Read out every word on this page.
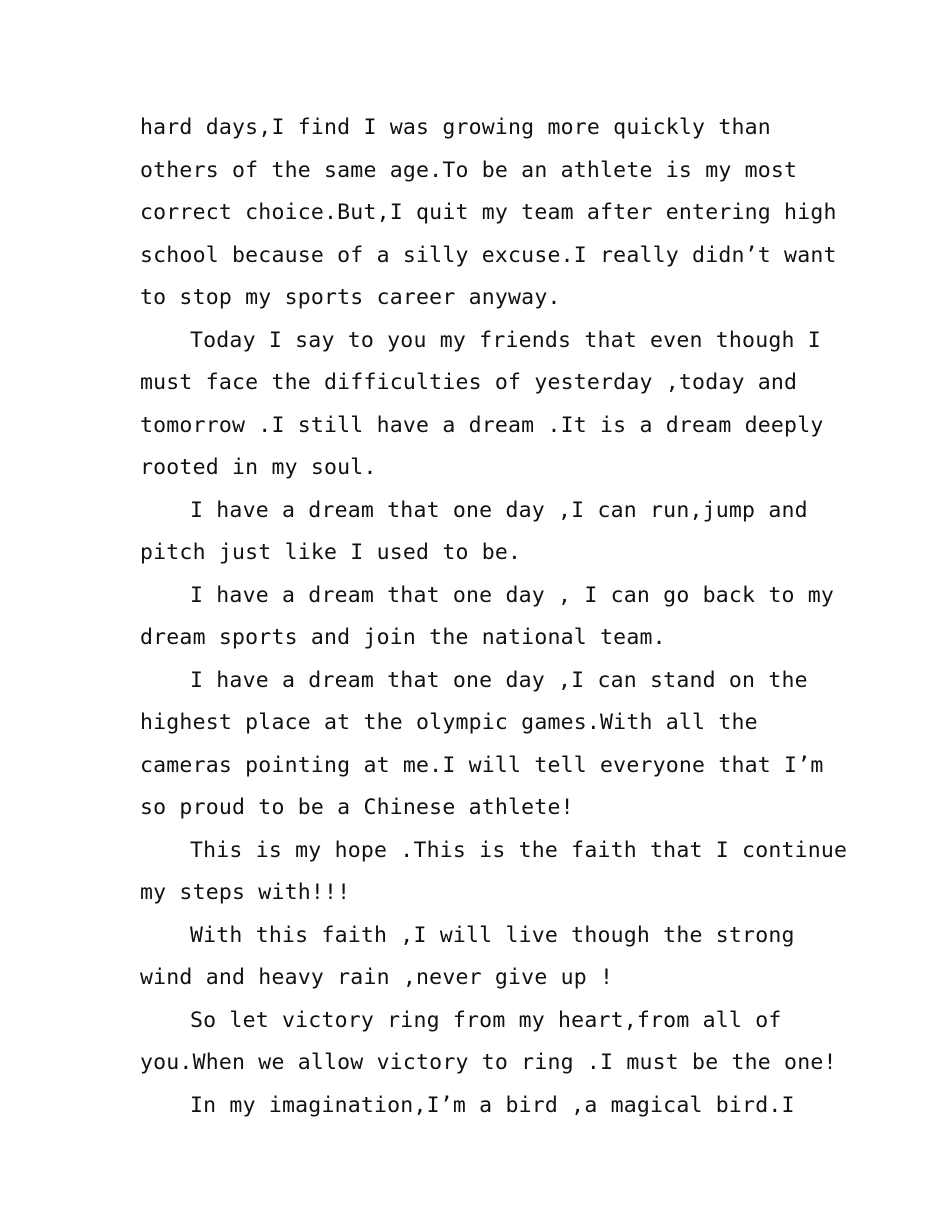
hard days,I find I was growing more quickly than
others of the same age.To be an athlete is my most
correct choice.But,I quit my team after entering high
school because of a silly excuse.I really didn’t want
to stop my sports career anyway.
Today I say to you my friends that even though I
must face the difficulties of yesterday ,today and
tomorrow .I still have a dream .It is a dream deeply
rooted in my soul.
I have a dream that one day ,I can run,jump and
pitch just like I used to be.
I have a dream that one day , I can go back to my
dream sports and join the national team.
I have a dream that one day ,I can stand on the
highest place at the olympic games.With all the
cameras pointing at me.I will tell everyone that I’m
so proud to be a Chinese athlete!
This is my hope .This is the faith that I continue
my steps with!!!
With this faith ,I will live though the strong
wind and heavy rain ,never give up !
So let victory ring from my heart,from all of
you.When we allow victory to ring .I must be the one!
In my imagination,I’m a bird ,a magical bird.I
